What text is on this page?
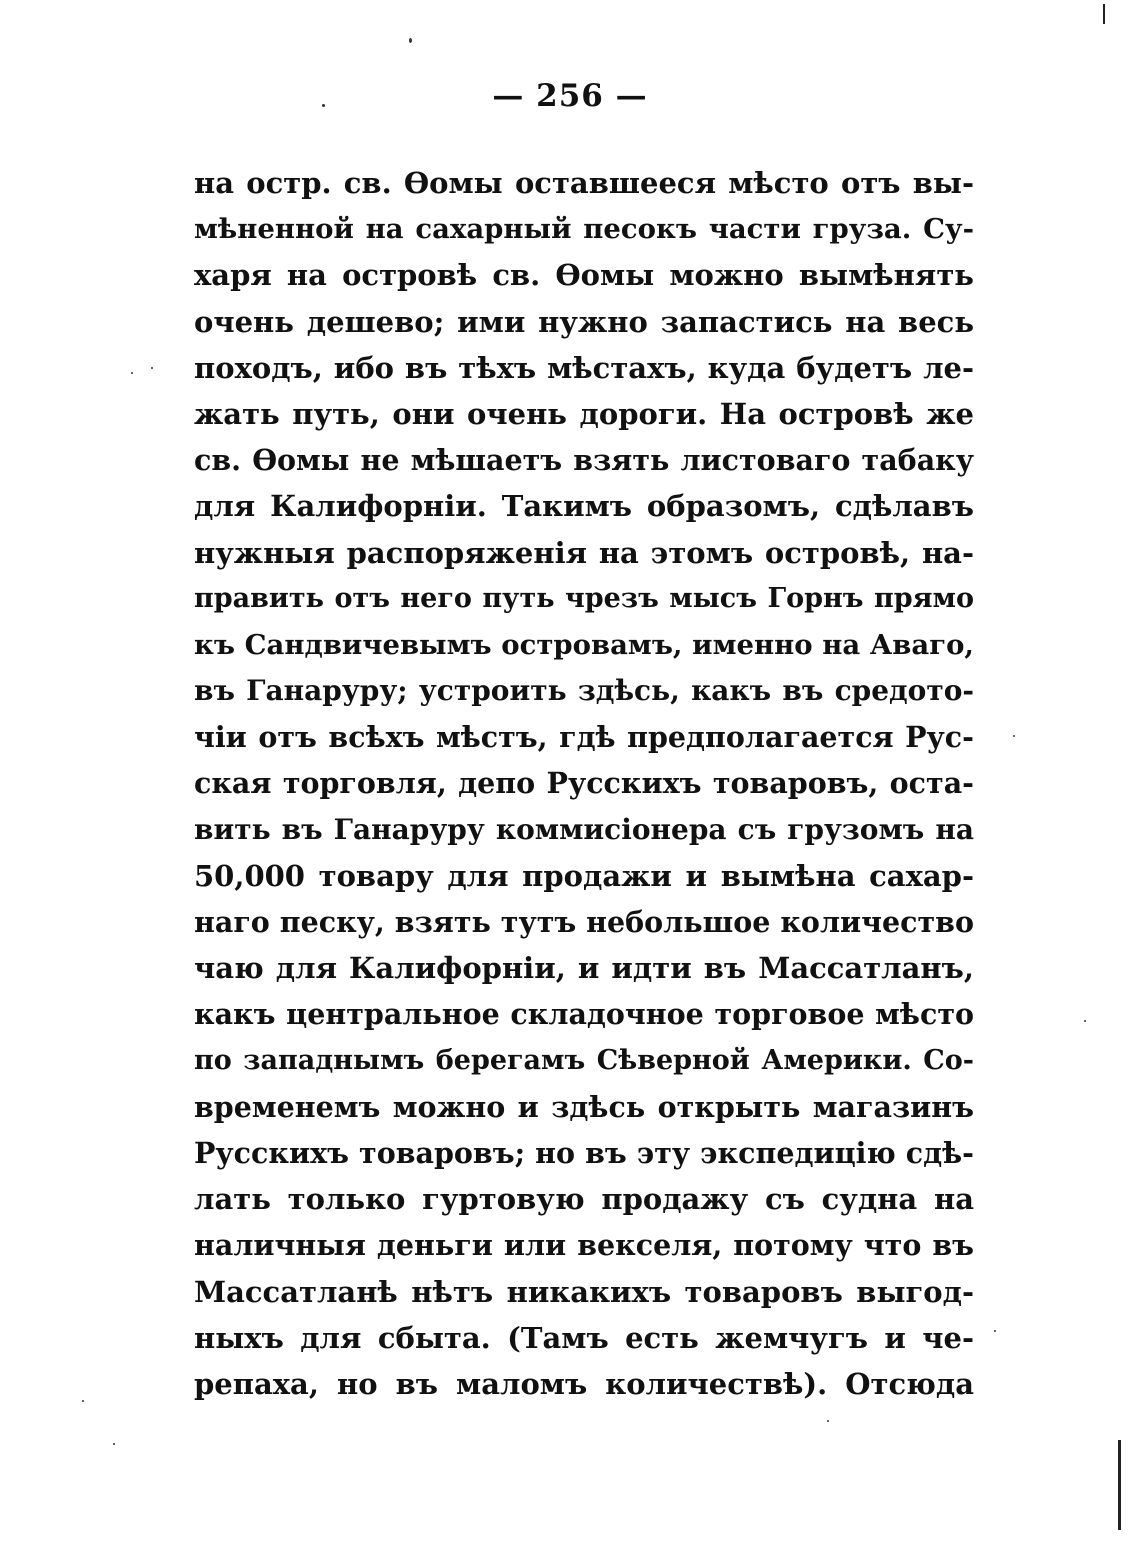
— 256 —
на остр. св. Ѳомы оставшееся мѣсто отъ вы-
мѣненной на сахарный песокъ части груза. Су-
харя на островѣ св. Ѳомы можно вымѣнять
очень дешево; ими нужно запастись на весь
походъ, ибо въ тѣхъ мѣстахъ, куда будетъ ле-
жать путь, они очень дороги. На островѣ же
св. Ѳомы не мѣшаетъ взять листоваго табаку
для Калифорніи. Такимъ образомъ, сдѣлавъ
нужныя распоряженія на этомъ островѣ, на-
править отъ него путь чрезъ мысъ Горнъ прямо
къ Сандвичевымъ островамъ, именно на Аваго,
въ Ганаруру; устроить здѣсь, какъ въ средото-
чіи отъ всѣхъ мѣстъ, гдѣ предполагается Рус-
ская торговля, депо Русскихъ товаровъ, оста-
вить въ Ганаруру коммисіонера съ грузомъ на
50,000 товару для продажи и вымѣна сахар-
наго песку, взять тутъ небольшое количество
чаю для Калифорніи, и идти въ Массатланъ,
какъ центральное складочное торговое мѣсто
по западнымъ берегамъ Сѣверной Америки. Со-
временемъ можно и здѣсь открыть магазинъ
Русскихъ товаровъ; но въ эту экспедицію сдѣ-
лать только гуртовую продажу съ судна на
наличныя деньги или векселя, потому что въ
Массатланѣ нѣтъ никакихъ товаровъ выгод-
ныхъ для сбыта. (Тамъ есть жемчугъ и че-
репаха, но въ маломъ количествѣ). Отсюда
